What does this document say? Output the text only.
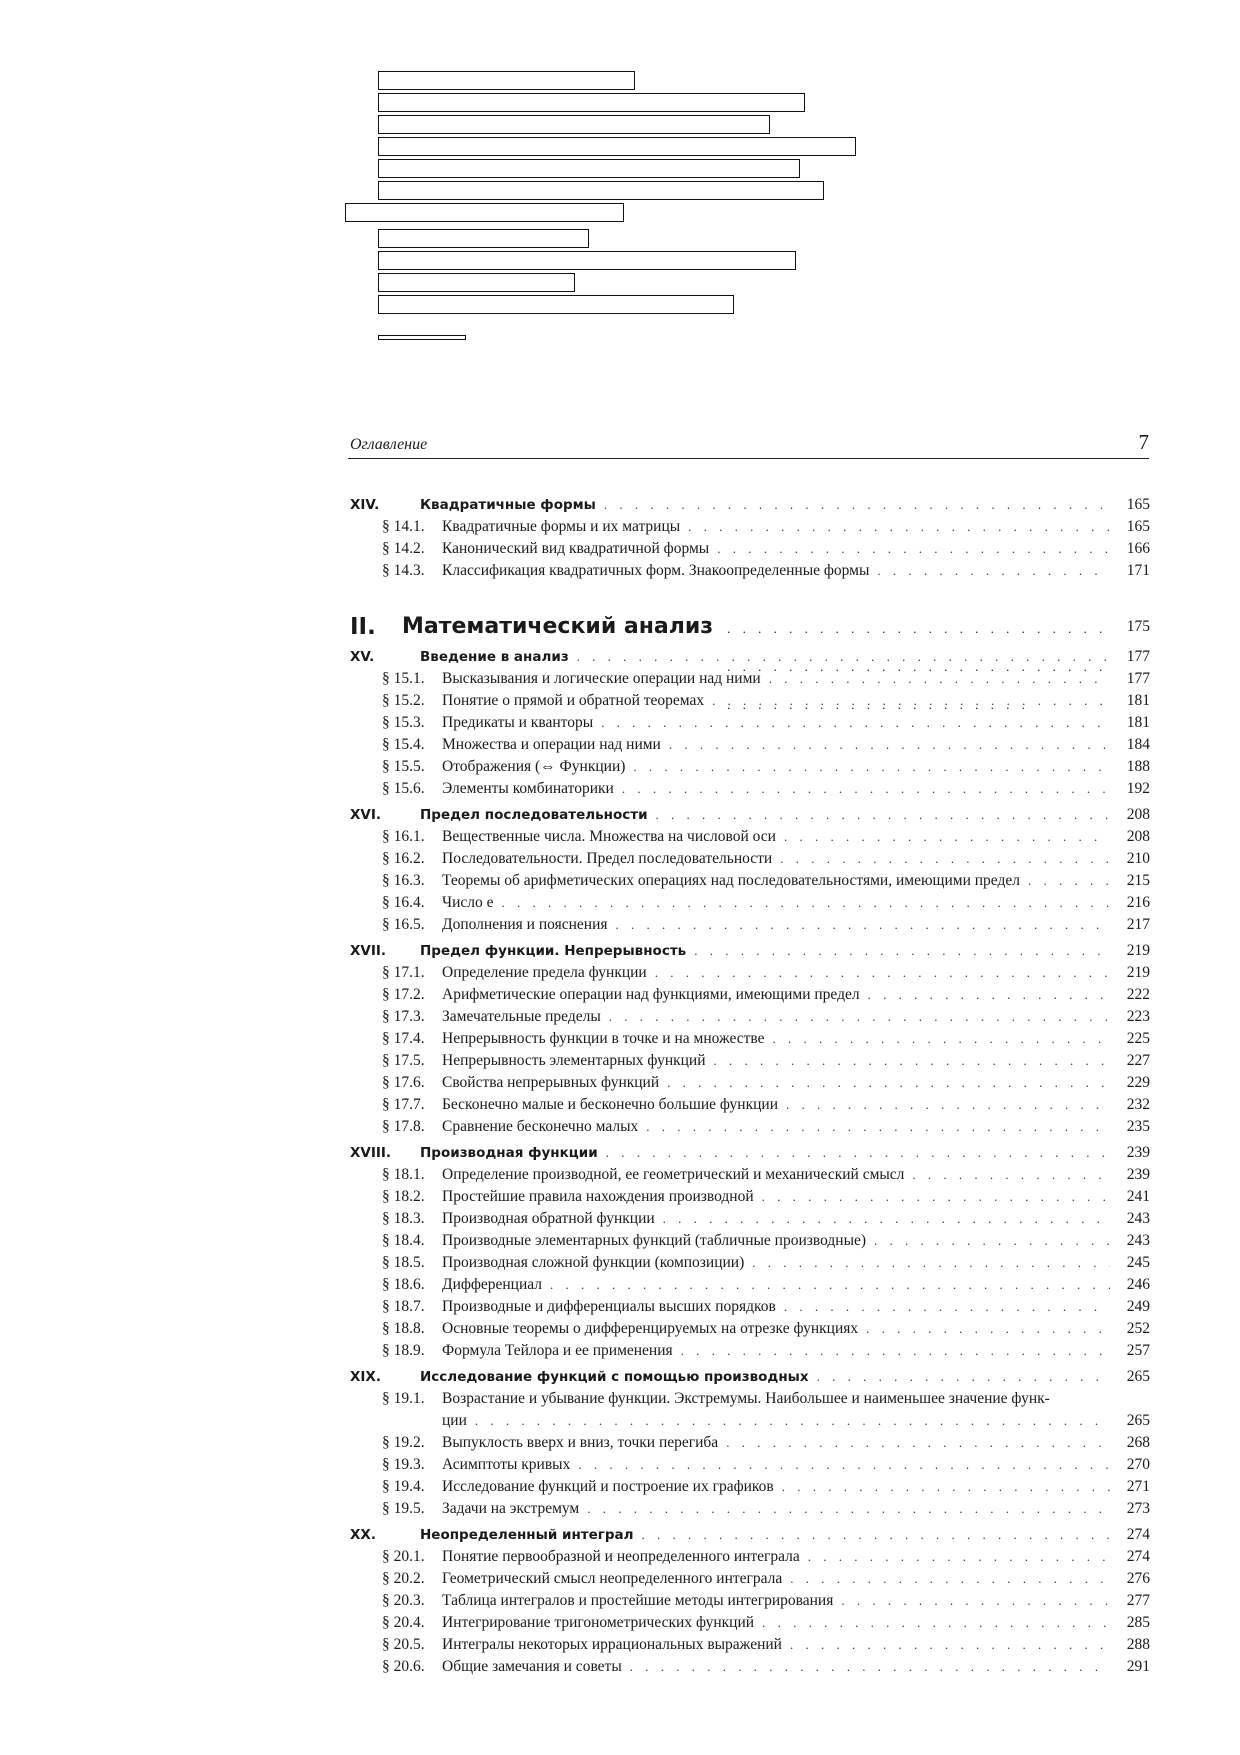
Оглавление	7
XIV.	Квадратичные формы . . .	165
§ 14.1. Квадратичные формы и их матрицы . . .	165
§ 14.2. Канонический вид квадратичной формы . . .	166
§ 14.3. Классификация квадратичных форм. Знакоопределенные формы . . .	171
II. Математический анализ . . .	175
XV.	Введение в анализ . . .	177
§ 15.1. Высказывания и логические операции над ними . . .	177
§ 15.2. Понятие о прямой и обратной теоремах . . .	181
§ 15.3. Предикаты и кванторы . . .	181
§ 15.4. Множества и операции над ними . . .	184
§ 15.5. Отображения (⇔ Функции) . . .	188
§ 15.6. Элементы комбинаторики . . .	192
XVI.	Предел последовательности . . .	208
§ 16.1. Вещественные числа. Множества на числовой оси . . .	208
§ 16.2. Последовательности. Предел последовательности . . .	210
§ 16.3. Теоремы об арифметических операциях над последовательностями, имеющими предел . . .	215
§ 16.4. Число e . . .	216
§ 16.5. Дополнения и пояснения . . .	217
XVII.	Предел функции. Непрерывность . . .	219
§ 17.1. Определение предела функции . . .	219
§ 17.2. Арифметические операции над функциями, имеющими предел . . .	222
§ 17.3. Замечательные пределы . . .	223
§ 17.4. Непрерывность функции в точке и на множестве . . .	225
§ 17.5. Непрерывность элементарных функций . . .	227
§ 17.6. Свойства непрерывных функций . . .	229
§ 17.7. Бесконечно малые и бесконечно большие функции . . .	232
§ 17.8. Сравнение бесконечно малых . . .	235
XVIII. Производная функции . . .	239
§ 18.1. Определение производной, ее геометрический и механический смысл . . .	239
§ 18.2. Простейшие правила нахождения производной . . .	241
§ 18.3. Производная обратной функции . . .	243
§ 18.4. Производные элементарных функций (табличные производные) . . .	243
§ 18.5. Производная сложной функции (композиции) . . .	245
§ 18.6. Дифференциал . . .	246
§ 18.7. Производные и дифференциалы высших порядков . . .	249
§ 18.8. Основные теоремы о дифференцируемых на отрезке функциях . . .	252
§ 18.9. Формула Тейлора и ее применения . . .	257
XIX.	Исследование функций с помощью производных . . .	265
§ 19.1. Возрастание и убывание функции. Экстремумы. Наибольшее и наименьшее значение функ-
ции . . .	265
§ 19.2. Выпуклость вверх и вниз, точки перегиба . . .	268
§ 19.3. Асимптоты кривых . . .	270
§ 19.4. Исследование функций и построение их графиков . . .	271
§ 19.5. Задачи на экстремум . . .	273
XX.	Неопределенный интеграл . . .	274
§ 20.1. Понятие первообразной и неопределенного интеграла . . .	274
§ 20.2. Геометрический смысл неопределенного интеграла . . .	276
§ 20.3. Таблица интегралов и простейшие методы интегрирования . . .	277
§ 20.4. Интегрирование тригонометрических функций . . .	285
§ 20.5. Интегралы некоторых иррациональных выражений . . .	288
§ 20.6. Общие замечания и советы . . .	291
